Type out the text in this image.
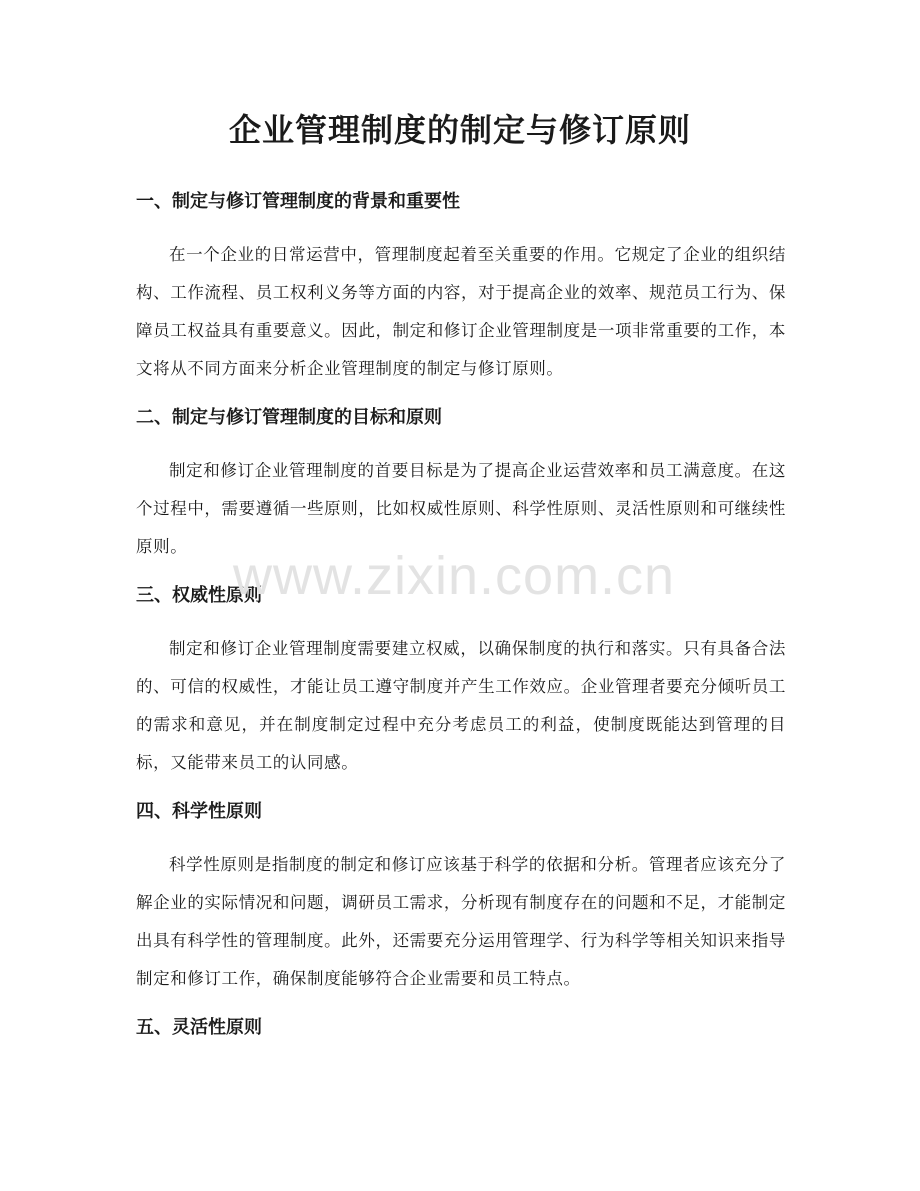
企业管理制度的制定与修订原则
一、制定与修订管理制度的背景和重要性

在一个企业的日常运营中，管理制度起着至关重要的作用。它规定了企业的组织结构、工作流程、员工权利义务等方面的内容，对于提高企业的效率、规范员工行为、保障员工权益具有重要意义。因此，制定和修订企业管理制度是一项非常重要的工作，本文将从不同方面来分析企业管理制度的制定与修订原则。

二、制定与修订管理制度的目标和原则

制定和修订企业管理制度的首要目标是为了提高企业运营效率和员工满意度。在这个过程中，需要遵循一些原则，比如权威性原则、科学性原则、灵活性原则和可继续性原则。

三、权威性原则

制定和修订企业管理制度需要建立权威，以确保制度的执行和落实。只有具备合法的、可信的权威性，才能让员工遵守制度并产生工作效应。企业管理者要充分倾听员工的需求和意见，并在制度制定过程中充分考虑员工的利益，使制度既能达到管理的目标，又能带来员工的认同感。

四、科学性原则

科学性原则是指制度的制定和修订应该基于科学的依据和分析。管理者应该充分了解企业的实际情况和问题，调研员工需求，分析现有制度存在的问题和不足，才能制定出具有科学性的管理制度。此外，还需要充分运用管理学、行为科学等相关知识来指导制定和修订工作，确保制度能够符合企业需要和员工特点。

五、灵活性原则
www.zixin.com.cn
